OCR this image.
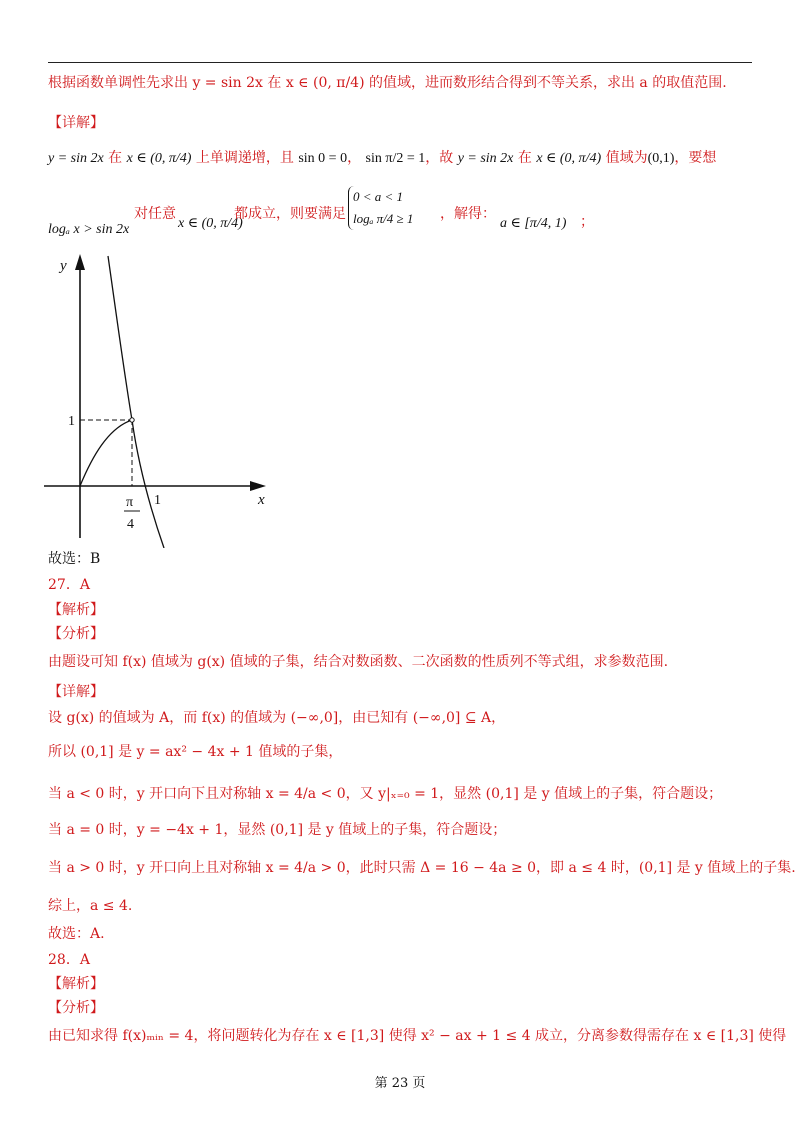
根据函数单调性先求出 y = sin 2x 在 x ∈ (0, π/4) 的值域，进而数形结合得到不等关系，求出 a 的取值范围.
【详解】
y = sin 2x 在 x ∈ (0, π/4) 上单调递增，且 sin 0 = 0， sin π/2 = 1，故 y = sin 2x 在 x ∈ (0, π/4) 值域为(0,1)，要想
logₐ x > sin 2x
对任意
x ∈ (0, π/4)
都成立，则要满足
0 < a < 1
logₐ π/4 ≥ 1 ，解得：
a ∈ [π/4, 1) ；
y
x
1
1
π
4
故选：B
27．A
【解析】
【分析】
由题设可知 f(x) 值域为 g(x) 值域的子集，结合对数函数、二次函数的性质列不等式组，求参数范围.
【详解】
设 g(x) 的值域为 A，而 f(x) 的值域为 (−∞,0]，由已知有 (−∞,0] ⊆ A，
所以 (0,1] 是 y = ax² − 4x + 1 值域的子集，
当 a < 0 时，y 开口向下且对称轴 x = 4/a < 0，又 y|ₓ₌₀ = 1，显然 (0,1] 是 y 值域上的子集，符合题设；
当 a = 0 时，y = −4x + 1，显然 (0,1] 是 y 值域上的子集，符合题设；
当 a > 0 时，y 开口向上且对称轴 x = 4/a > 0，此时只需 Δ = 16 − 4a ≥ 0，即 a ≤ 4 时，(0,1] 是 y 值域上的子集.
综上，a ≤ 4.
故选：A.
28．A
【解析】
【分析】
由已知求得 f(x)ₘᵢₙ = 4，将问题转化为存在 x ∈ [1,3] 使得 x² − ax + 1 ≤ 4 成立，分离参数得需存在 x ∈ [1,3] 使得
第 23 页
